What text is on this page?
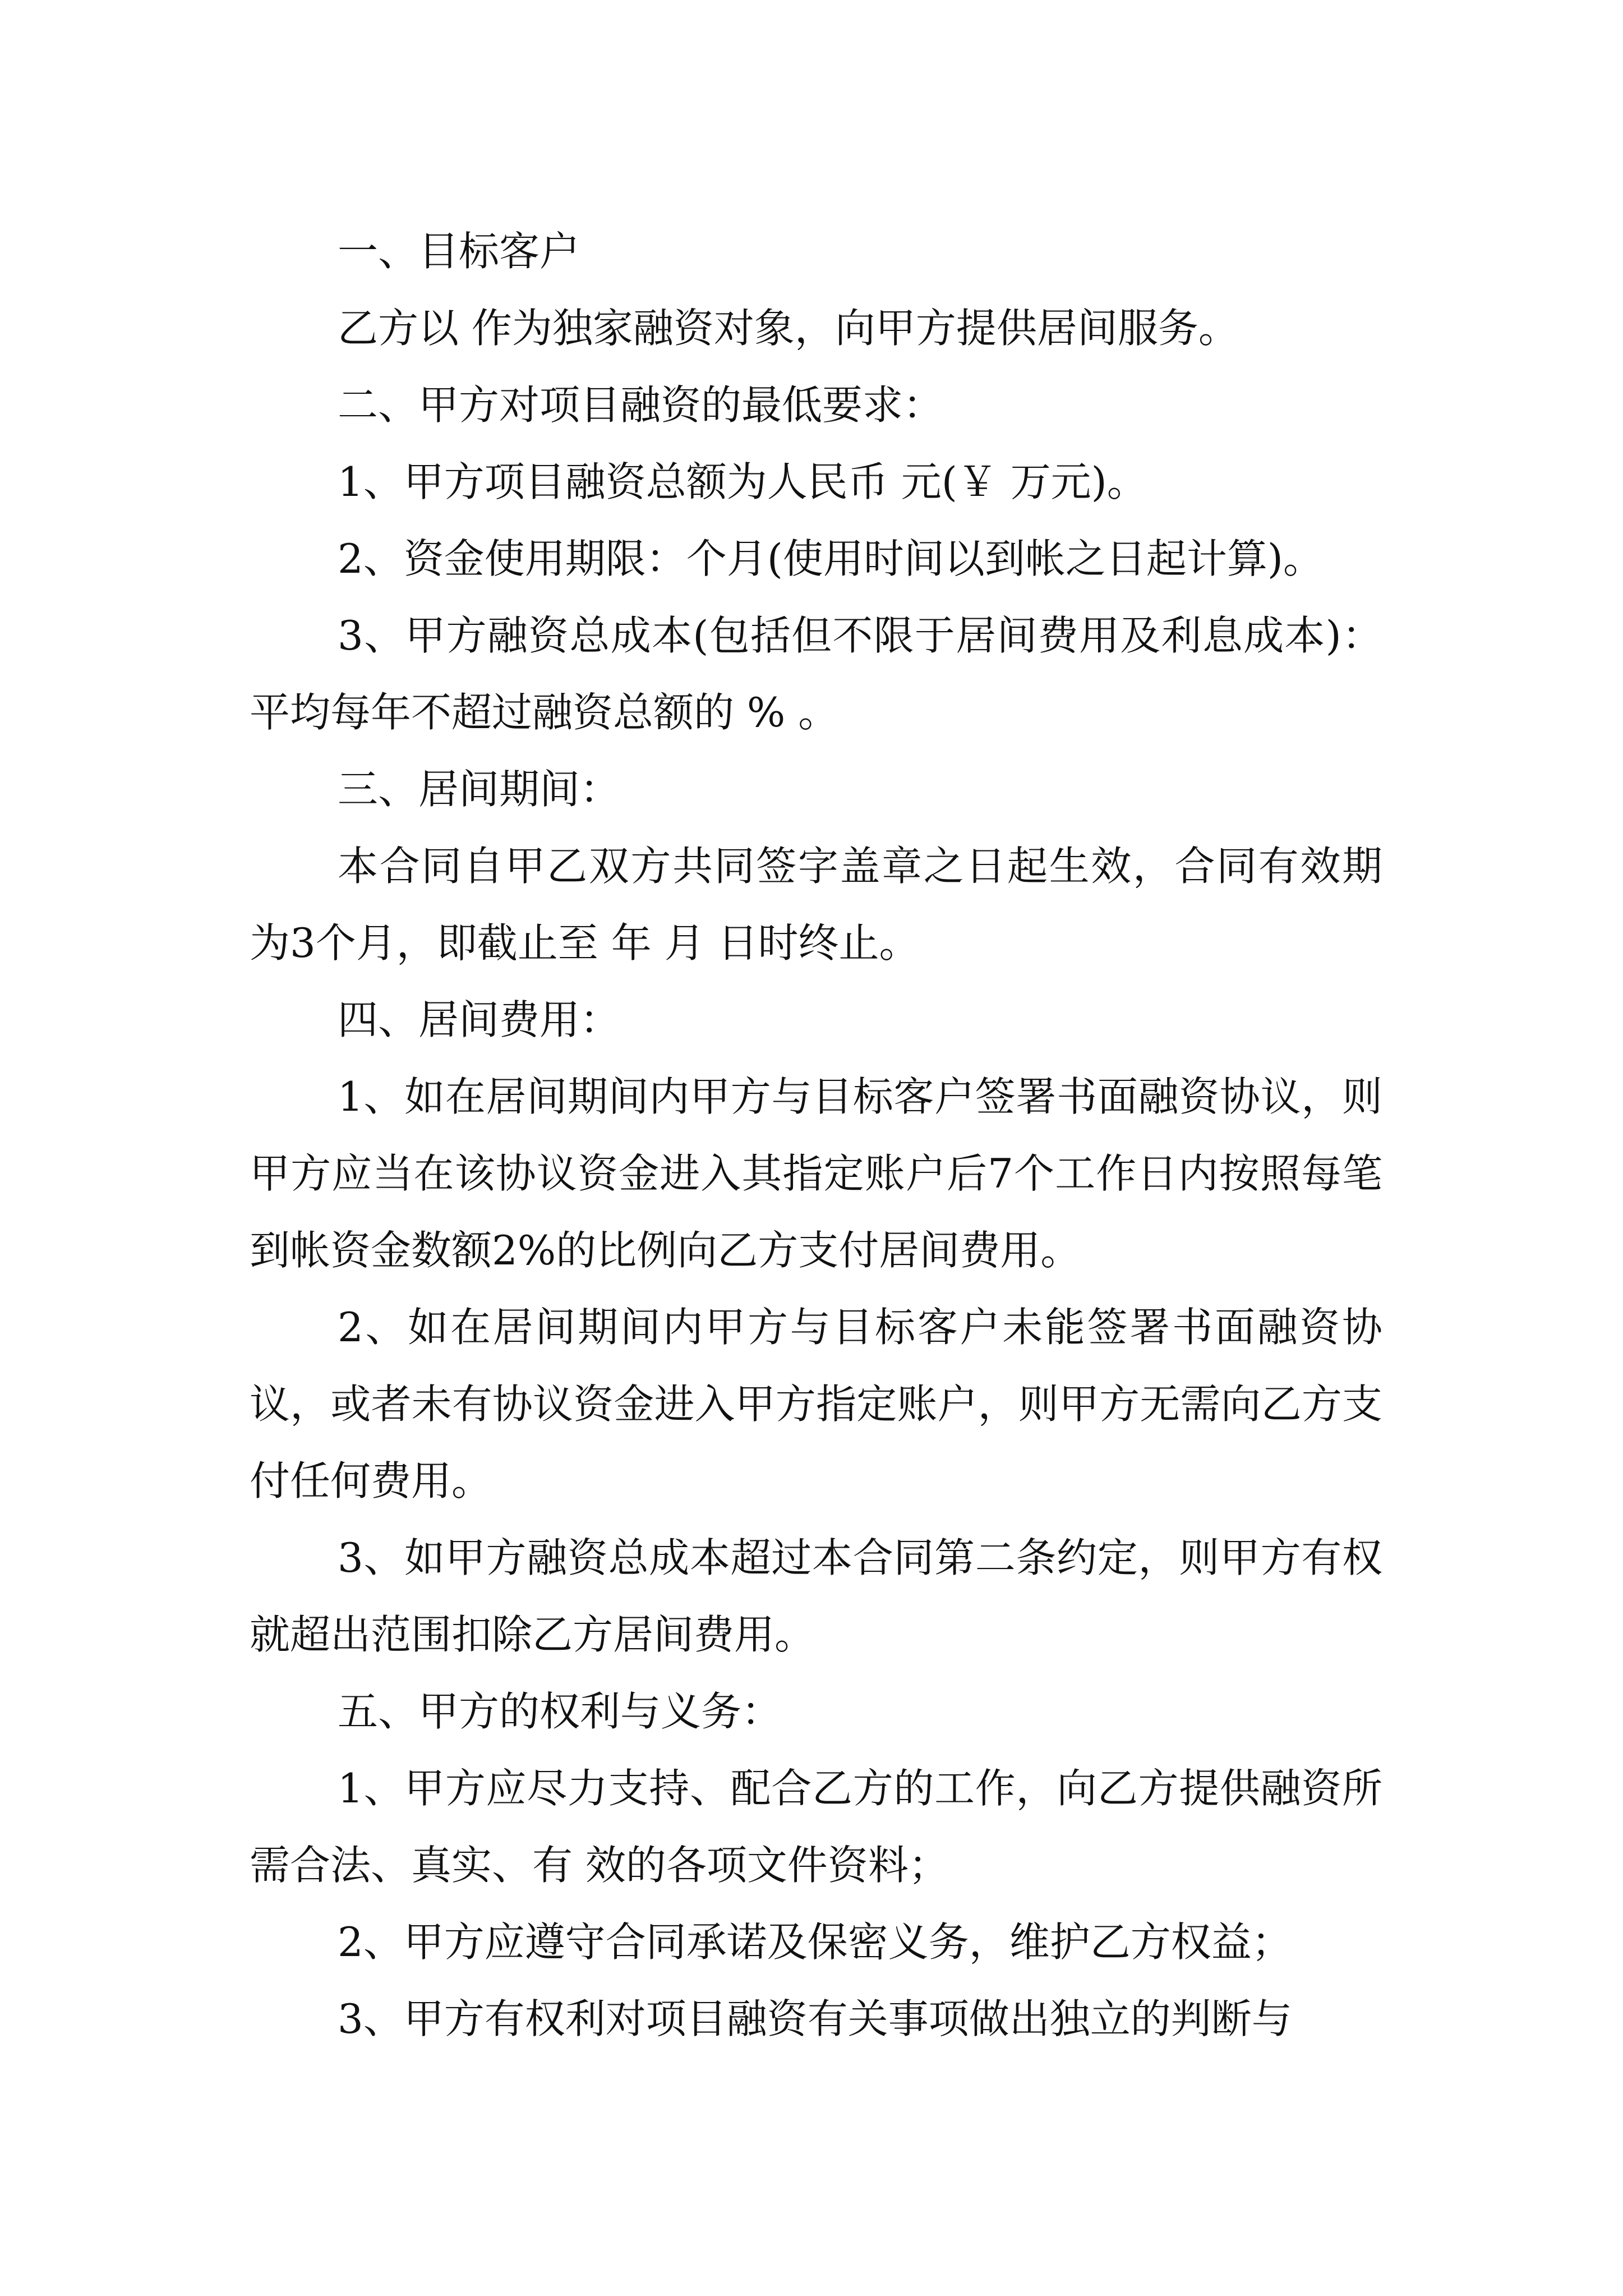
一、目标客户

乙方以 作为独家融资对象，向甲方提供居间服务。

二、甲方对项目融资的最低要求：

1、甲方项目融资总额为人民币 元(￥ 万元)。

2、资金使用期限：个月(使用时间以到帐之日起计算)。

3、甲方融资总成本(包括但不限于居间费用及利息成本)：平均每年不超过融资总额的 % 。

三、居间期间：

本合同自甲乙双方共同签字盖章之日起生效，合同有效期为3个月，即截止至 年 月 日时终止。

四、居间费用：

1、如在居间期间内甲方与目标客户签署书面融资协议，则甲方应当在该协议资金进入其指定账户后7个工作日内按照每笔到帐资金数额2%的比例向乙方支付居间费用。

2、如在居间期间内甲方与目标客户未能签署书面融资协议，或者未有协议资金进入甲方指定账户，则甲方无需向乙方支付任何费用。

3、如甲方融资总成本超过本合同第二条约定，则甲方有权就超出范围扣除乙方居间费用。

五、甲方的权利与义务：

1、甲方应尽力支持、配合乙方的工作，向乙方提供融资所需合法、真实、有 效的各项文件资料；

2、甲方应遵守合同承诺及保密义务，维护乙方权益；

3、甲方有权利对项目融资有关事项做出独立的判断与
